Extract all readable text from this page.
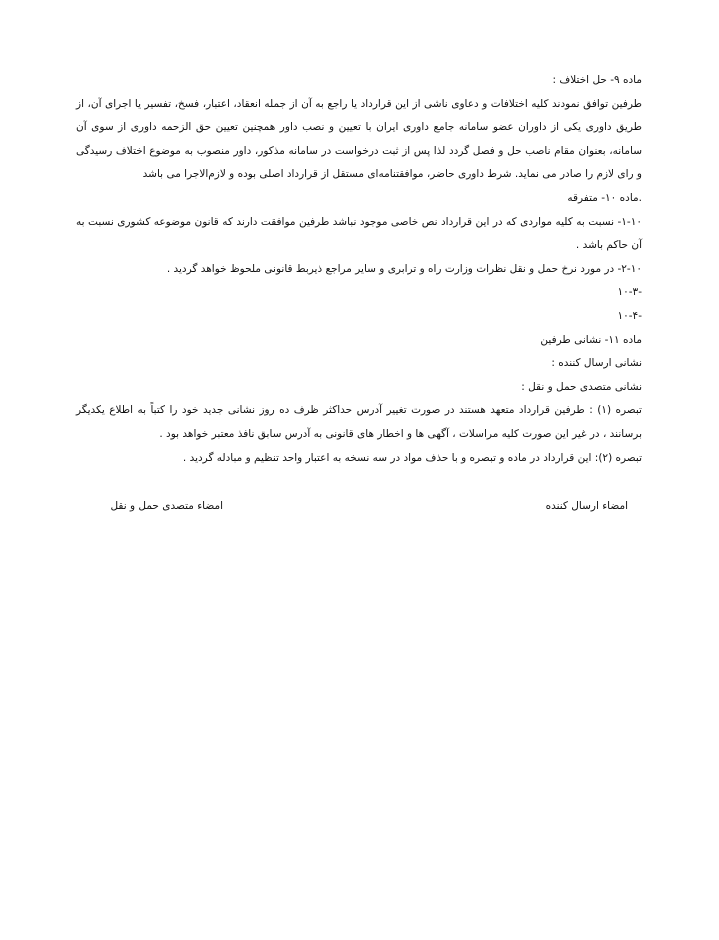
ماده ۹- حل اختلاف :

طرفین توافق نمودند کلیه اختلافات و دعاوی ناشی از این قرارداد یا راجع به آن از جمله انعقاد، اعتبار، فسخ، تفسیر یا اجرای آن، از طریق داوری یکی از داوران عضو سامانه جامع داوری ایران با تعیین و نصب داور همچنین تعیین حق الزحمه داوری از سوی آن سامانه، بعنوان مقام ناصب حل و فصل گردد لذا پس از ثبت درخواست در سامانه مذکور، داور منصوب به موضوع اختلاف رسیدگی و رای لازم را صادر می نماید. شرط داوری حاضر، موافقتنامه‌ای مستقل از قرارداد اصلی بوده و لازم‌الاجرا می باشد

.ماده ۱۰- متفرقه

۱-۱۰- نسبت به کلیه مواردی که در این قرارداد نص خاصی موجود نباشد طرفین موافقت دارند که قانون موضوعه کشوری نسبت به آن حاکم باشد .

۲-۱۰- در مورد نرخ حمل و نقل نظرات وزارت راه و ترابری و سایر مراجع ذیربط قانونی ملحوظ خواهد گردید .

-۱۰-۳

-۱۰-۴

ماده ۱۱- نشانی طرفین

نشانی ارسال کننده :

نشانی متصدی حمل و نقل :

تبصره (۱) : طرفین قرارداد متعهد هستند در صورت تغییر آدرس حداکثر ظرف ده روز نشانی جدید خود را کتباً به اطلاع یکدیگر برسانند ، در غیر این صورت کلیه مراسلات ، آگهی ها و اخطار های قانونی به آدرس سابق نافذ معتبر خواهد بود .

تبصره (۲): این قرارداد در ماده و تبصره و با حذف مواد در سه نسخه به اعتبار واحد تنظیم و مبادله گردید .

امضاء ارسال کننده
امضاء متصدی حمل و نقل
